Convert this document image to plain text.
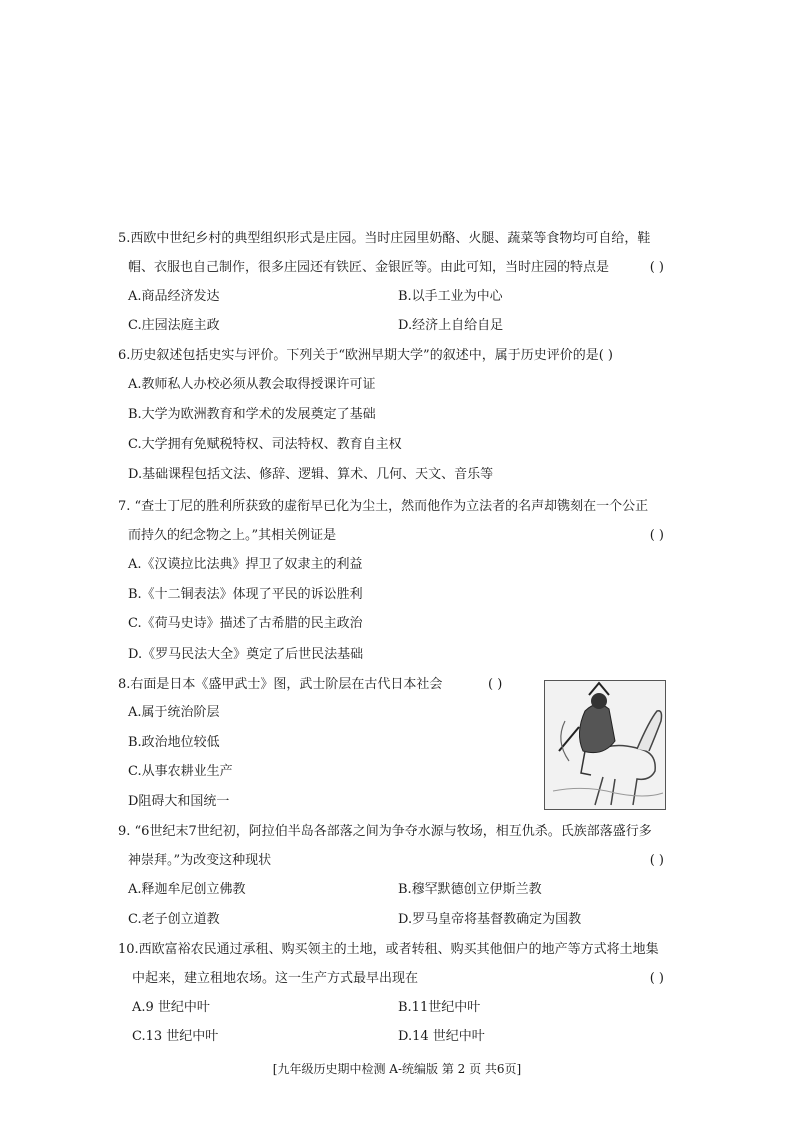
5.西欧中世纪乡村的典型组织形式是庄园。当时庄园里奶酪、火腿、蔬菜等食物均可自给，鞋
帽、衣服也自己制作，很多庄园还有铁匠、金银匠等。由此可知，当时庄园的特点是	( )
A.商品经济发达	B.以手工业为中心
C.庄园法庭主政	D.经济上自给自足
6.历史叙述包括史实与评价。下列关于“欧洲早期大学”的叙述中，属于历史评价的是( )
A.教师私人办校必须从教会取得授课许可证
B.大学为欧洲教育和学术的发展奠定了基础
C.大学拥有免赋税特权、司法特权、教育自主权
D.基础课程包括文法、修辞、逻辑、算术、几何、天文、音乐等
7. “查士丁尼的胜利所获致的虚衔早已化为尘土，然而他作为立法者的名声却镌刻在一个公正
而持久的纪念物之上。”其相关例证是	( )
A.《汉谟拉比法典》捍卫了奴隶主的利益
B.《十二铜表法》体现了平民的诉讼胜利
C.《荷马史诗》描述了古希腊的民主政治
D.《罗马民法大全》奠定了后世民法基础
8.右面是日本《盛甲武士》图，武士阶层在古代日本社会	( )
A.属于统治阶层
B.政治地位较低
C.从事农耕业生产
D阻碍大和国统一
9. “6世纪末7世纪初，阿拉伯半岛各部落之间为争夺水源与牧场，相互仇杀。氏族部落盛行多
神崇拜。”为改变这种现状	( )
A.释迦牟尼创立佛教	B.穆罕默德创立伊斯兰教
C.老子创立道教	D.罗马皇帝将基督教确定为国教
10.西欧富裕农民通过承租、购买领主的土地，或者转租、购买其他佃户的地产等方式将土地集
中起来，建立租地农场。这一生产方式最早出现在	( )
A.9 世纪中叶	B.11世纪中叶
C.13 世纪中叶	D.14 世纪中叶
[九年级历史期中检测 A-统编版 第 2 页 共6页]
